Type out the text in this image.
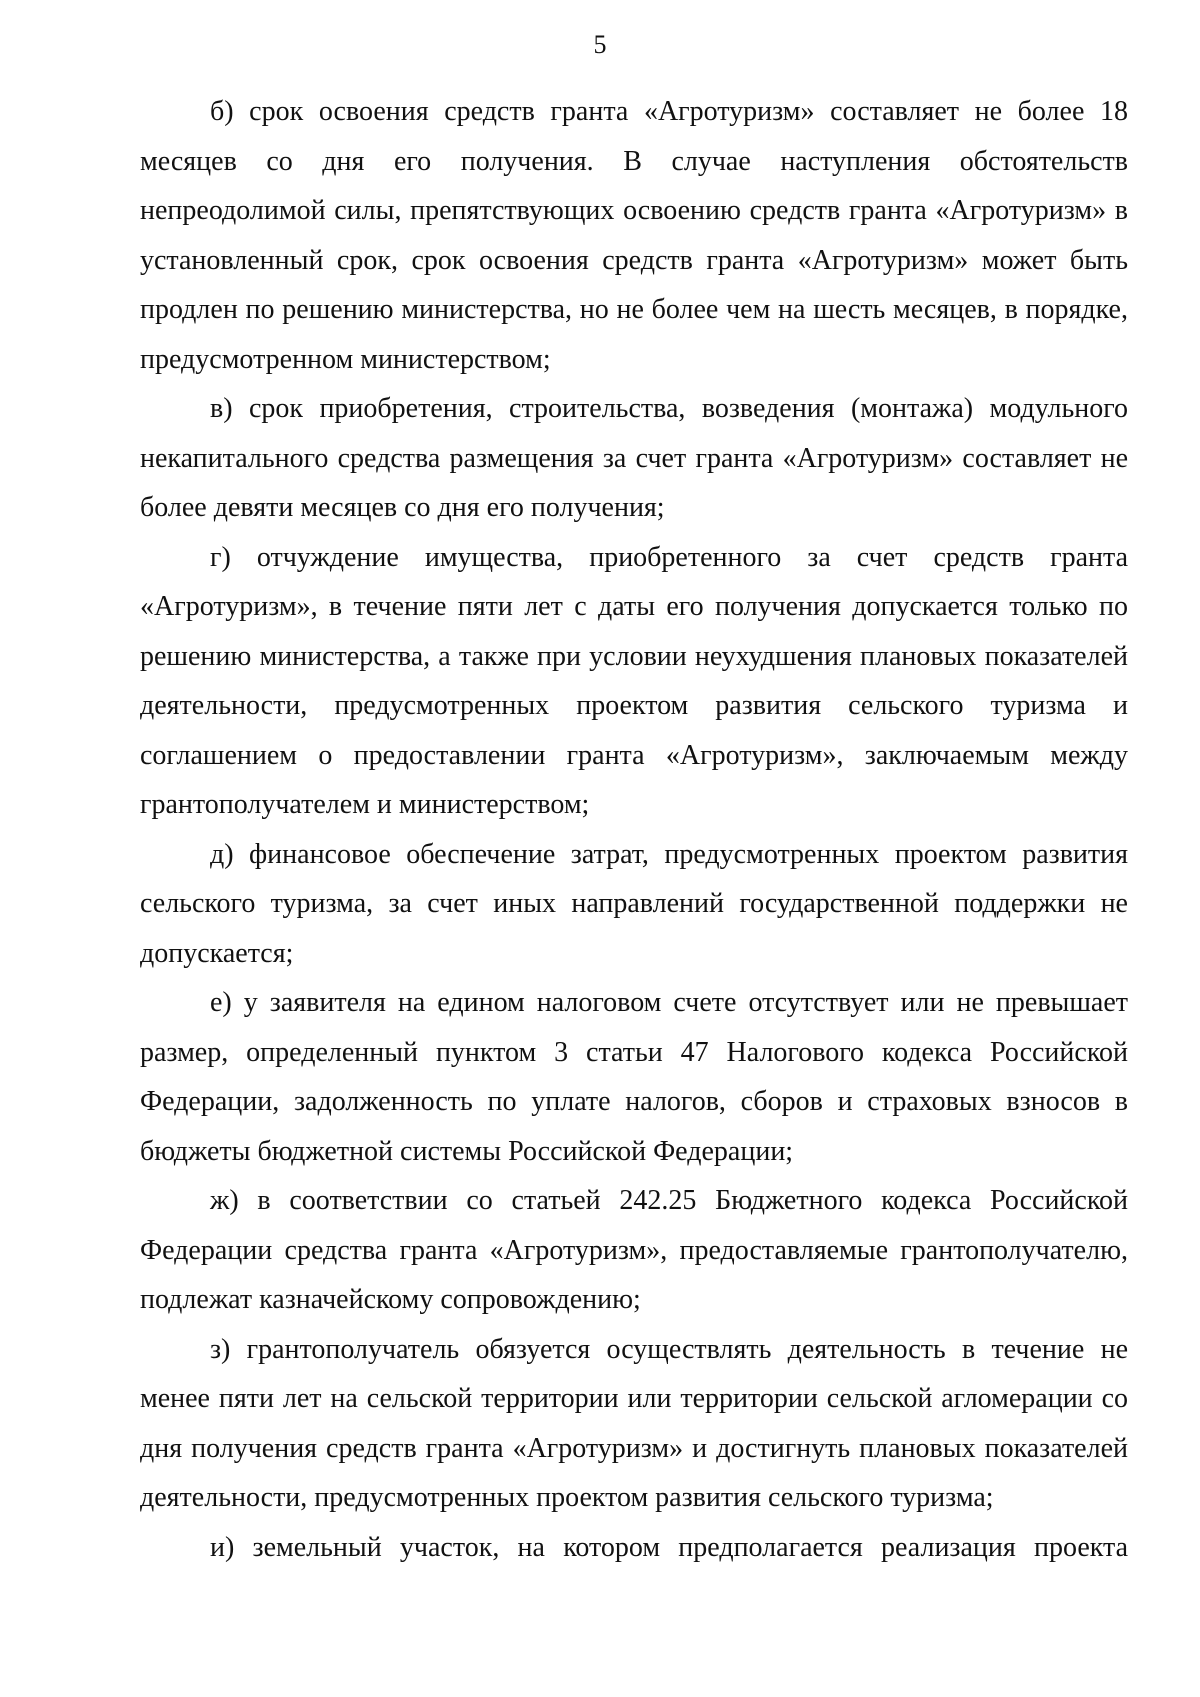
5

б) срок освоения средств гранта «Агротуризм» составляет не более 18 месяцев со дня его получения. В случае наступления обстоятельств непреодолимой силы, препятствующих освоению средств гранта «Агротуризм» в установленный срок, срок освоения средств гранта «Агротуризм» может быть продлен по решению министерства, но не более чем на шесть месяцев, в порядке, предусмотренном министерством;

в) срок приобретения, строительства, возведения (монтажа) модульного некапитального средства размещения за счет гранта «Агротуризм» составляет не более девяти месяцев со дня его получения;

г) отчуждение имущества, приобретенного за счет средств гранта «Агротуризм», в течение пяти лет с даты его получения допускается только по решению министерства, а также при условии неухудшения плановых показателей деятельности, предусмотренных проектом развития сельского туризма и соглашением о предоставлении гранта «Агротуризм», заключаемым между грантополучателем и министерством;

д) финансовое обеспечение затрат, предусмотренных проектом развития сельского туризма, за счет иных направлений государственной поддержки не допускается;

е) у заявителя на едином налоговом счете отсутствует или не превышает размер, определенный пунктом 3 статьи 47 Налогового кодекса Российской Федерации, задолженность по уплате налогов, сборов и страховых взносов в бюджеты бюджетной системы Российской Федерации;

ж) в соответствии со статьей 242.25 Бюджетного кодекса Российской Федерации средства гранта «Агротуризм», предоставляемые грантополучателю, подлежат казначейскому сопровождению;

з) грантополучатель обязуется осуществлять деятельность в течение не менее пяти лет на сельской территории или территории сельской агломерации со дня получения средств гранта «Агротуризм» и достигнуть плановых показателей деятельности, предусмотренных проектом развития сельского туризма;

и) земельный участок, на котором предполагается реализация проекта
